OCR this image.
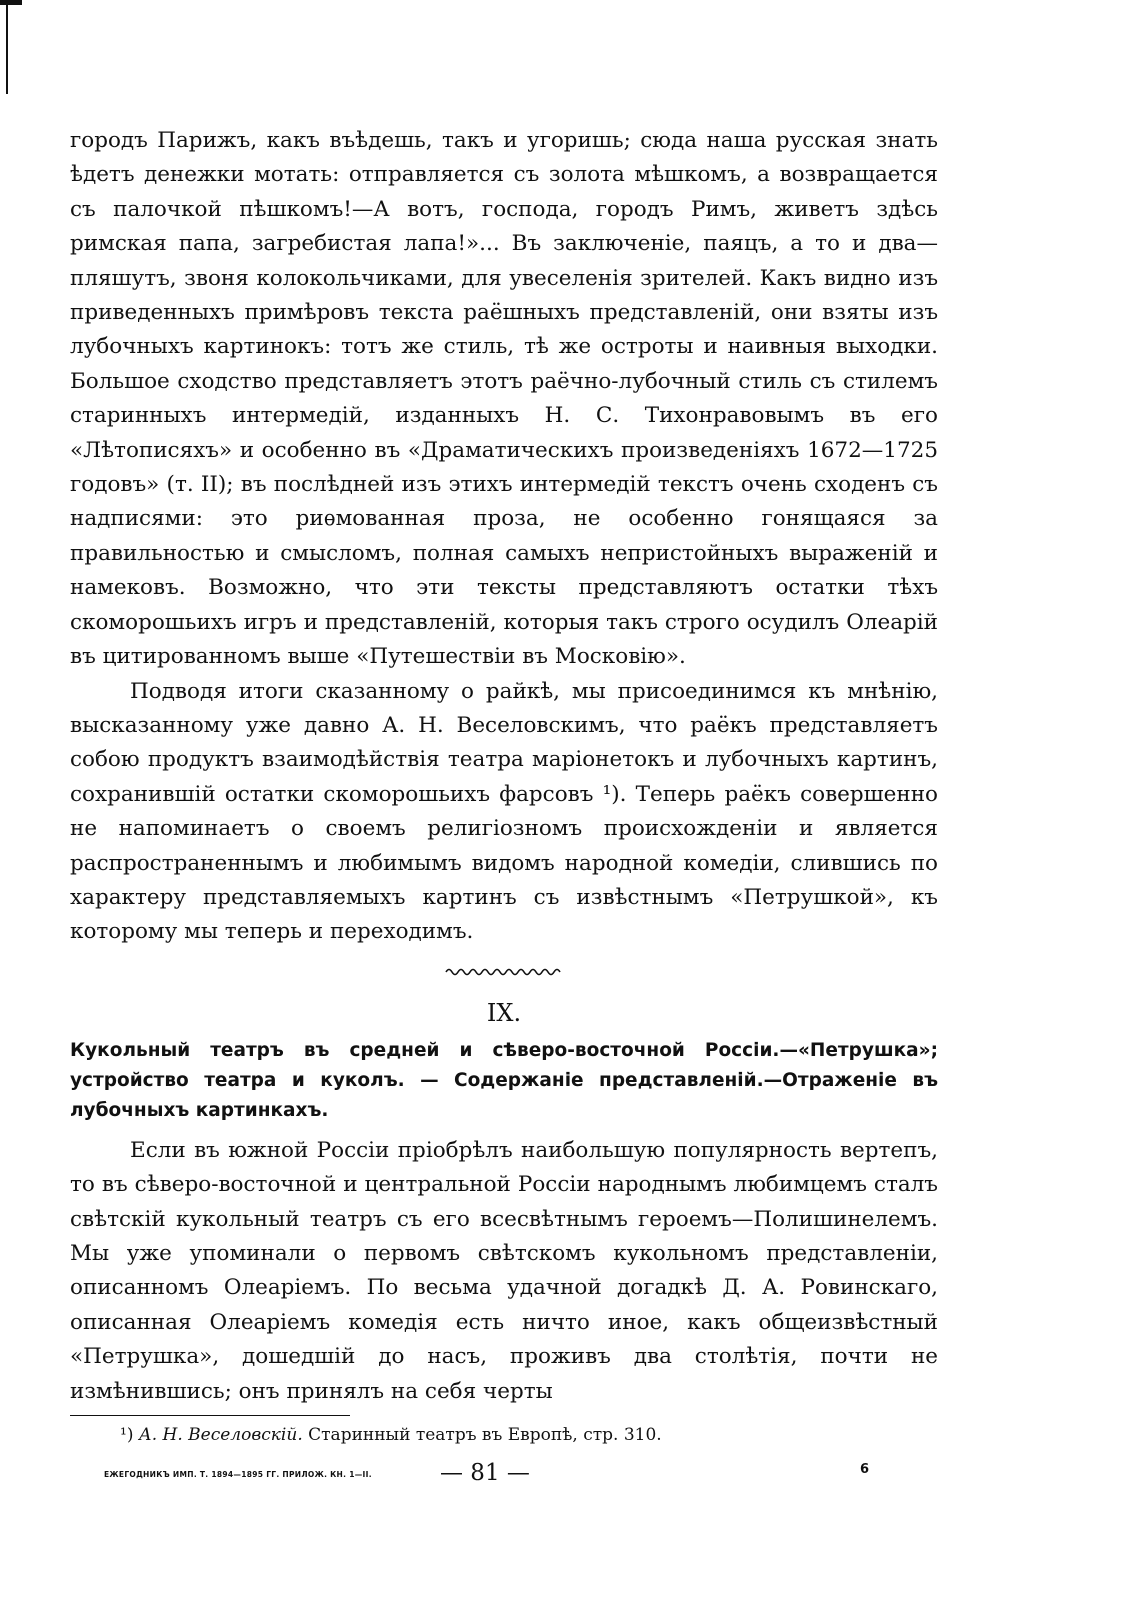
городъ Парижъ, какъ въѣдешь, такъ и угоришь; сюда наша русская знать ѣдетъ денежки мотать: отправляется съ золота мѣшкомъ, а возвращается съ палочкой пѣшкомъ!—А вотъ, господа, городъ Римъ, живетъ здѣсь римская папа, загребистая лапа!»... Въ заключеніе, паяцъ, а то и два—пляшутъ, звоня колокольчиками, для увеселенія зрителей. Какъ видно изъ приведенныхъ примѣровъ текста раёшныхъ представленій, они взяты изъ лубочныхъ картинокъ: тотъ же стиль, тѣ же остроты и наивныя выходки. Большое сходство представляетъ этотъ раёчно-лубочный стиль съ стилемъ старинныхъ интермедій, изданныхъ Н. С. Тихонравовымъ въ его «Лѣтописяхъ» и особенно въ «Драматическихъ произведеніяхъ 1672—1725 годовъ» (т. II); въ послѣдней изъ этихъ интермедій текстъ очень сходенъ съ надписями: это риѳмованная проза, не особенно гонящаяся за правильностью и смысломъ, полная самыхъ непристойныхъ выраженій и намековъ. Возможно, что эти тексты представляютъ остатки тѣхъ скоморошьихъ игръ и представленій, которыя такъ строго осудилъ Олеарій въ цитированномъ выше «Путешествіи въ Московію».

Подводя итоги сказанному о райкѣ, мы присоединимся къ мнѣнію, высказанному уже давно А. Н. Веселовскимъ, что раёкъ представляетъ собою продуктъ взаимодѣйствія театра маріонетокъ и лубочныхъ картинъ, сохранившій остатки скоморошьихъ фарсовъ ¹). Теперь раёкъ совершенно не напоминаетъ о своемъ религіозномъ происхожденіи и является распространеннымъ и любимымъ видомъ народной комедіи, слившись по характеру представляемыхъ картинъ съ извѣстнымъ «Петрушкой», къ которому мы теперь и переходимъ.

IX.

Кукольный театръ въ средней и сѣверо-восточной Россіи.—«Петрушка»; устройство театра и куколъ. — Содержаніе представленій.—Отраженіе въ лубочныхъ картинкахъ.

Если въ южной Россіи пріобрѣлъ наибольшую популярность вертепъ, то въ сѣверо-восточной и центральной Россіи народнымъ любимцемъ сталъ свѣтскій кукольный театръ съ его всесвѣтнымъ героемъ—Полишинелемъ. Мы уже упоминали о первомъ свѣтскомъ кукольномъ представленіи, описанномъ Олеаріемъ. По весьма удачной догадкѣ Д. А. Ровинскаго, описанная Олеаріемъ комедія есть ничто иное, какъ общеизвѣстный «Петрушка», дошедшій до насъ, проживъ два столѣтія, почти не измѣнившись; онъ принялъ на себя черты

¹) А. Н. Веселовскій. Старинный театръ въ Европѣ, стр. 310.

ЕЖЕГОДНИКЪ ИМП. Т. 1894—1895 ГГ. ПРИЛОЖ. КН. 1—II.	— 81 —	6
